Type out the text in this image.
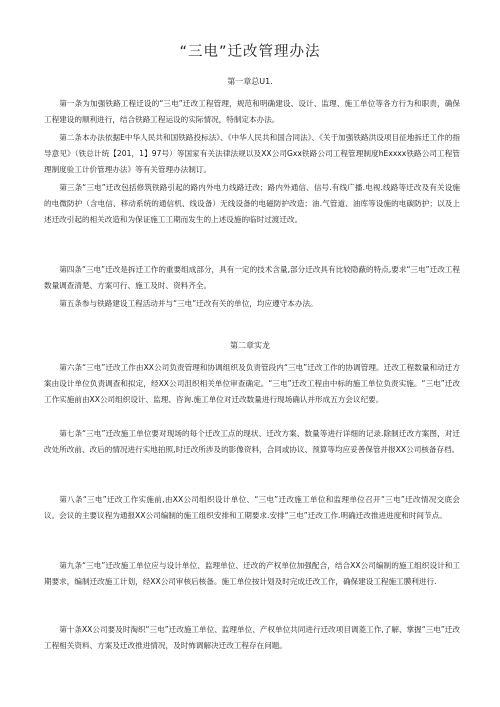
“三电”迁改管理办法
第一章总U1.

第一条为加强铁路工程迁设的“三电”迁改工程管理，规范和明确建设、设计、监理、施工单位等各方行为和职责，确保工程建设的顺利进行，结合铁路工程运设的实际情况，特制定本办法。

第二条本办法依据E中华人民共和国铁路投标法》、《中华人民共和国合同法》、《关于加强铁路洪设项目征地拆迁工作的指导意见》（铁总计统【201，1】97号）等国家有关法律法规以及XX公司Gxx铁路公司工程管理制度hExxxx铁路公司工程管理制度验工计价管理办法》等有关管理办法制订。

第三条“三电”迁改包括修筑铁路引起的路内外电力线路迁改；路内外通信、信号.有线广播.电视.线路等迁改及有关设施的电微防护（含电信、移动系统的通信机、线设备）无线设备的电磁防护改造；油.气管道、油库等设施的电碳防护；以及上述迁改引起的相关改造和为保证施工工期而发生的上述设施的临时过渡迁改。

第四条“三电”迁改是拆迁工作的重要组成部分，具有一定的技术含量,部分迁改具有比较隐蔽的特点,要求“三电”迁改工程数量调查清楚、方案可行、施工及时、资料齐全。

第五条参与铁路建设工程活动并与“三电”迁改有关的单位，均应遵守本办法。

第二章实龙

第六条“三电”迁改工作由XX公司负责管理和协调组织及负责管段内“三电”迁改工作的协调管理。迁改工程数量和动迁方案由设计单位负责调查和拟定，经XX公司沮织相关单位审查确定。“三电”迁改工程由中标的施工单位负责实施。“三电”迁改工作实施前由XX公司组织设计、监理、咨询.施工单位对迁改数量进行现场确认并形成五方会议纪要。

第七条“三电”迁改施工单位要对现场的每个迁改工点的现状、迁改方案、数量等进行详细的记录.除制迁改方案图，对迁改处所改前、改后的情况进行实地拍照,时迁改所涉及的影像资料，合同或协议、预算等均应妥善保管并报XX公司核备存档。

第八条“三电”迁改工作实施前,由XX公司组织设计单位、“三电”迁改施工单位和监理单位召开“三电”迁改情况交底会议。会议的主要议程为通报XX公司编制的施工组织安排和工期要求.安排“三电”迁改工作.明确迁改推进进度和时间节点。

第九条“三电”迁改施工单位应与设计单位、监理单位、迁改的产权单位加强配合，结合XX公司编制的施工组织设计和工期要求，编制迁改施工计划，经XX公司审核后核备。施工单位按计划及时完成迁改工作，确保建设工程施工膜利进行.

第十条XX公司要及时淘织“三电”迁改施工单位、监理单位、产权单位共同进行迁改项目调菱工作,了解、掌握“三电”迁改工程相关资料、方案及迁改推进情况，及时怖调解决迁改工程存在问题。
